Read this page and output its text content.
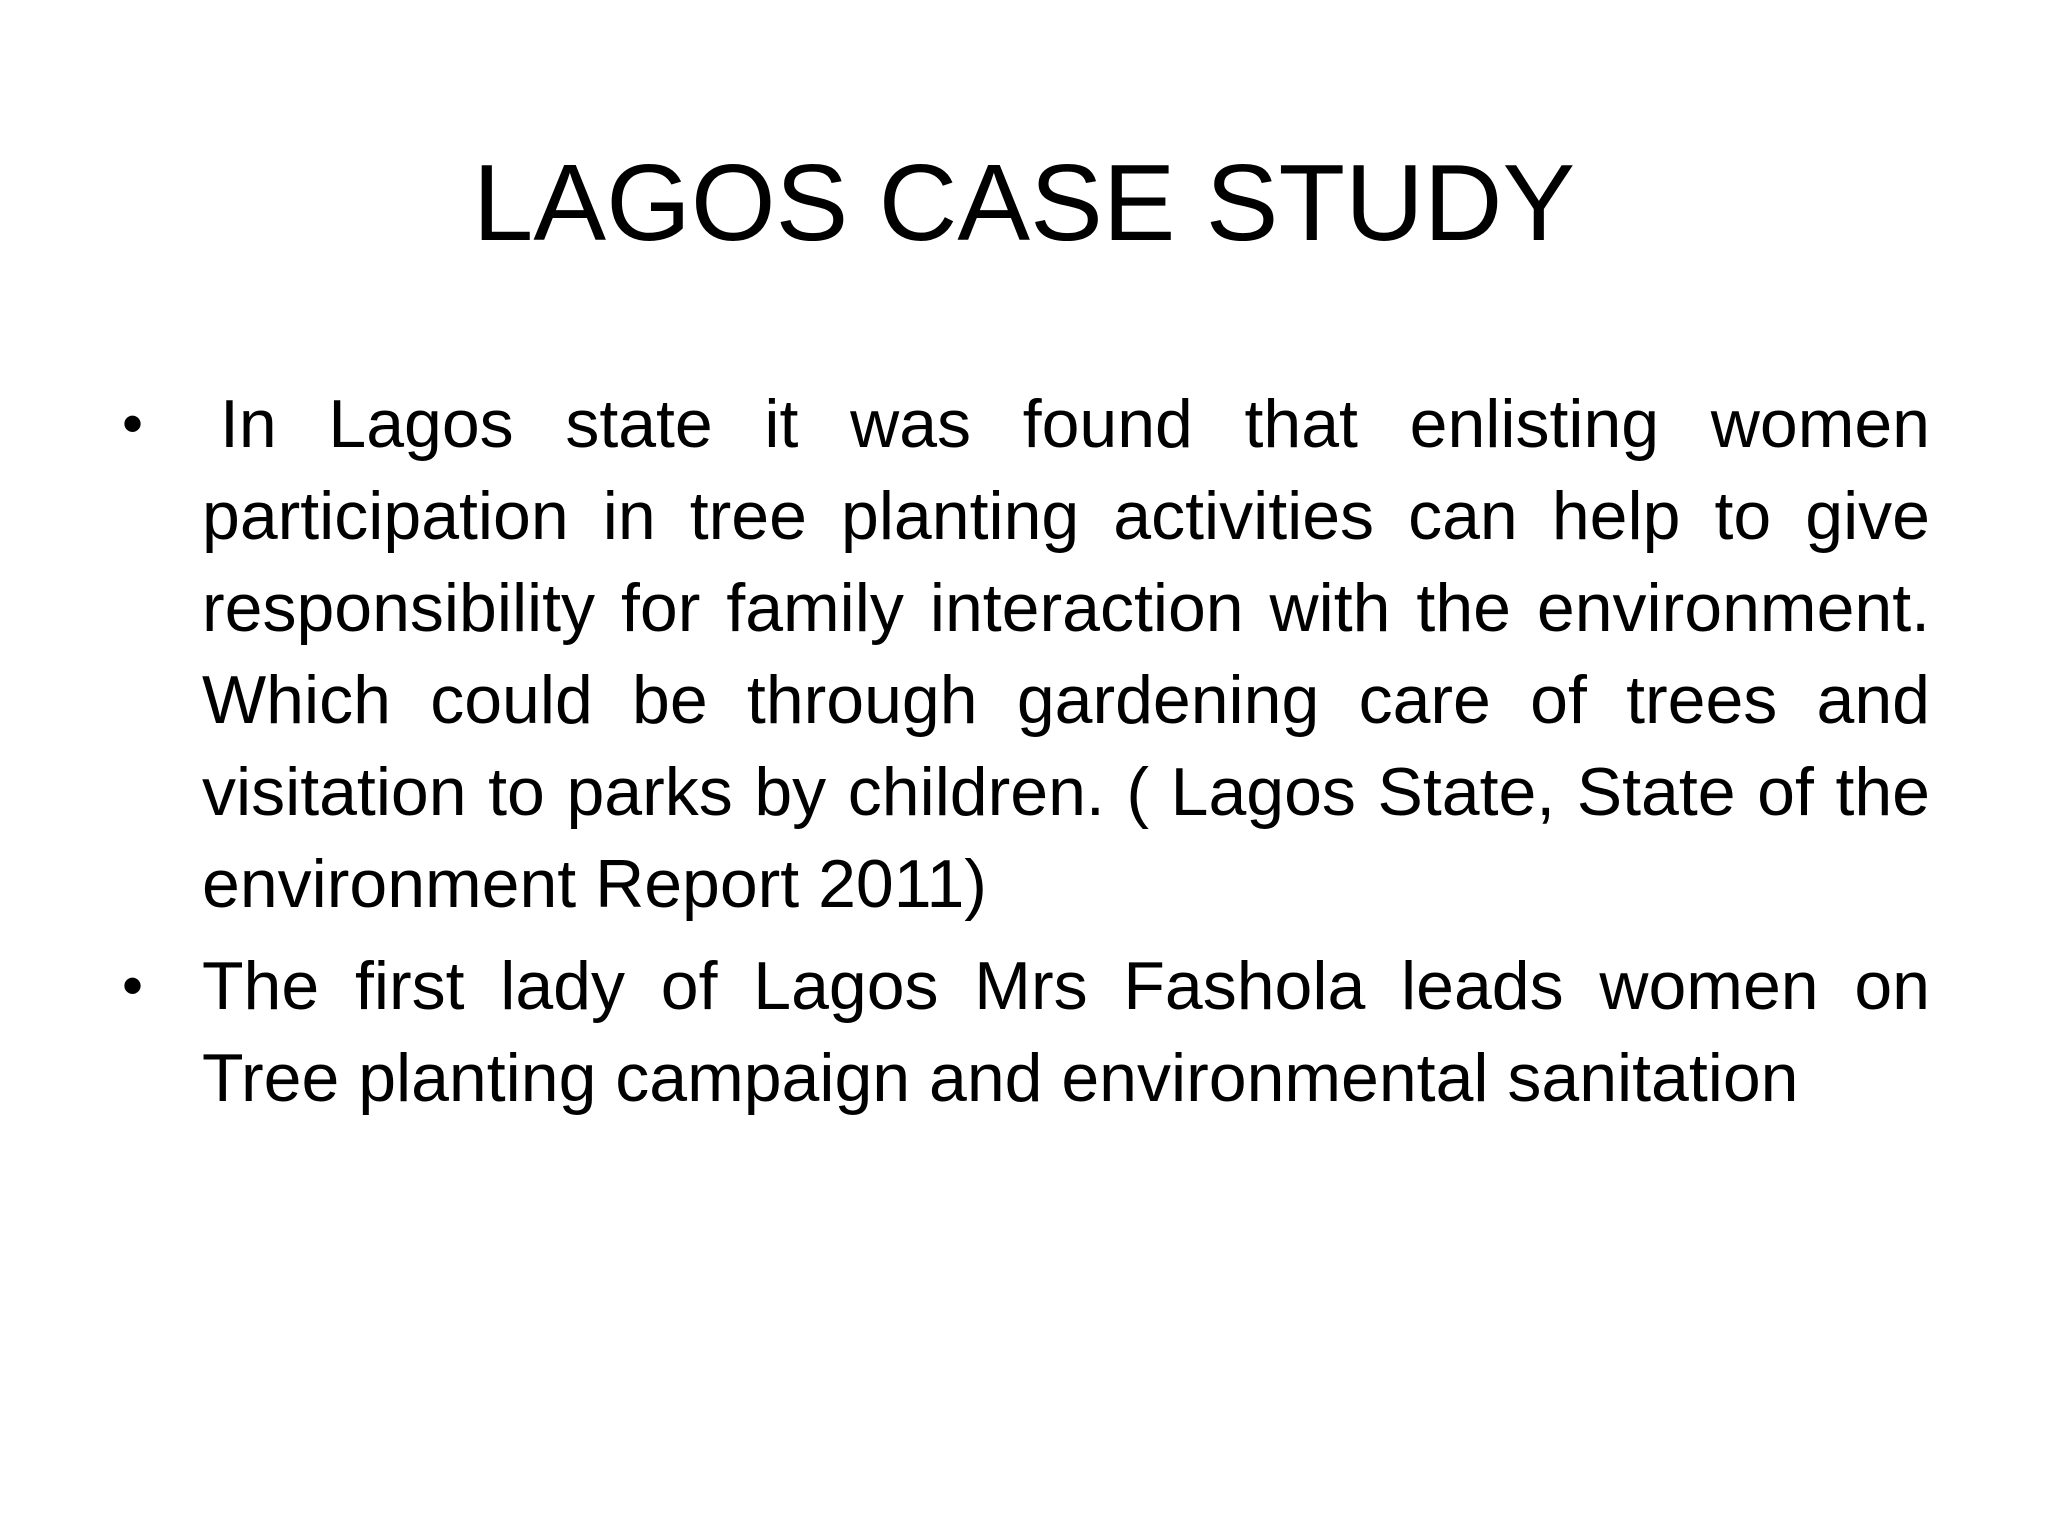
LAGOS CASE STUDY
• In Lagos state it was found that enlisting women participation in tree planting activities can help to give responsibility for family interaction with the environment. Which could be through gardening care of trees and visitation to parks by children. ( Lagos State, State of the environment Report 2011)
• The first lady of Lagos Mrs Fashola leads women on Tree planting campaign and environmental sanitation
